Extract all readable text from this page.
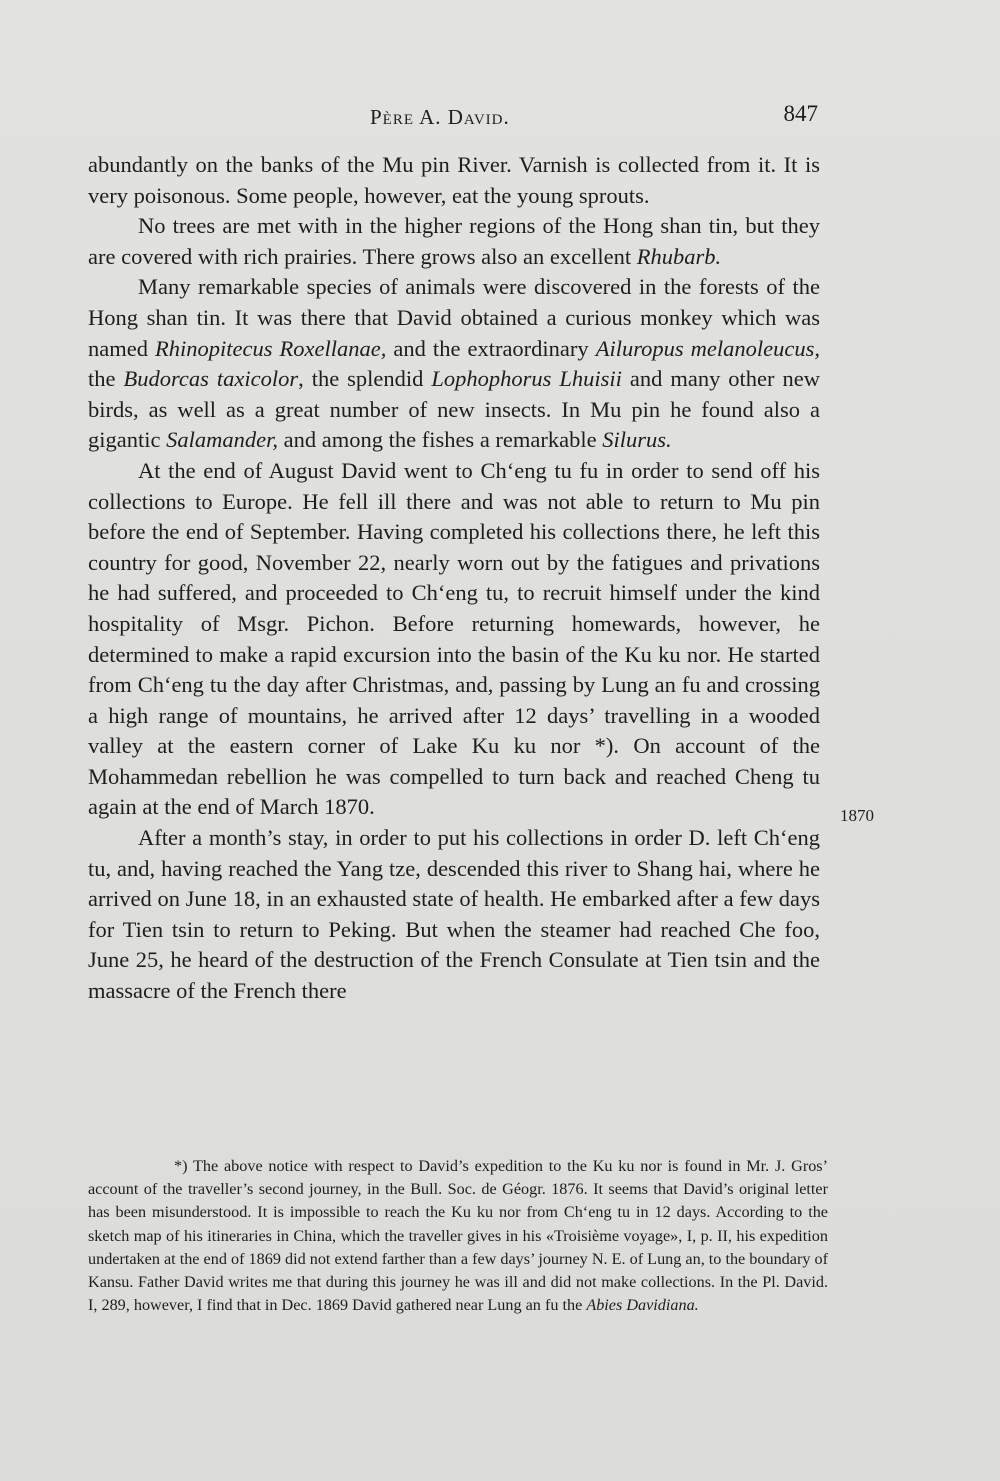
Père A. David.	847

abundantly on the banks of the Mu pin River. Varnish is collected from it. It is very poisonous. Some people, however, eat the young sprouts.

No trees are met with in the higher regions of the Hong shan tin, but they are covered with rich prairies. There grows also an excellent Rhubarb.

Many remarkable species of animals were discovered in the forests of the Hong shan tin. It was there that David obtained a curious monkey which was named Rhinopitecus Roxellanae, and the extraordinary Ailuropus melanoleucus, the Budorcas taxicolor, the splendid Lophophorus Lhuisii and many other new birds, as well as a great number of new insects. In Mu pin he found also a gigantic Salamander, and among the fishes a remarkable Silurus.

At the end of August David went to Ch‘eng tu fu in order to send off his collections to Europe. He fell ill there and was not able to return to Mu pin before the end of September. Having completed his collections there, he left this country for good, November 22, nearly worn out by the fatigues and privations he had suffered, and proceeded to Ch‘eng tu, to recruit himself under the kind hospitality of Msgr. Pichon. Before returning homewards, however, he determined to make a rapid excursion into the basin of the Ku ku nor. He started from Ch‘eng tu the day after Christmas, and, passing by Lung an fu and crossing a high range of mountains, he arrived after 12 days’ travelling in a wooded valley at the eastern corner of Lake Ku ku nor *). On account of the Mohammedan rebellion he was compelled to turn back and reached Cheng tu again at the end of March 1870.

After a month’s stay, in order to put his collections in order D. left Ch‘eng tu, and, having reached the Yang tze, descended this river to Shang hai, where he arrived on June 18, in an exhausted state of health. He embarked after a few days for Tien tsin to return to Peking. But when the steamer had reached Che foo, June 25, he heard of the destruction of the French Consulate at Tien tsin and the massacre of the French there

1870

*) The above notice with respect to David’s expedition to the Ku ku nor is found in Mr. J. Gros’ account of the traveller’s second journey, in the Bull. Soc. de Géogr. 1876. It seems that David’s original letter has been misunderstood. It is impossible to reach the Ku ku nor from Ch‘eng tu in 12 days. According to the sketch map of his itineraries in China, which the traveller gives in his «Troisième voyage», I, p. II, his expedition undertaken at the end of 1869 did not extend farther than a few days’ journey N. E. of Lung an, to the boundary of Kansu. Father David writes me that during this journey he was ill and did not make collections. In the Pl. David. I, 289, however, I find that in Dec. 1869 David gathered near Lung an fu the Abies Davidiana.
